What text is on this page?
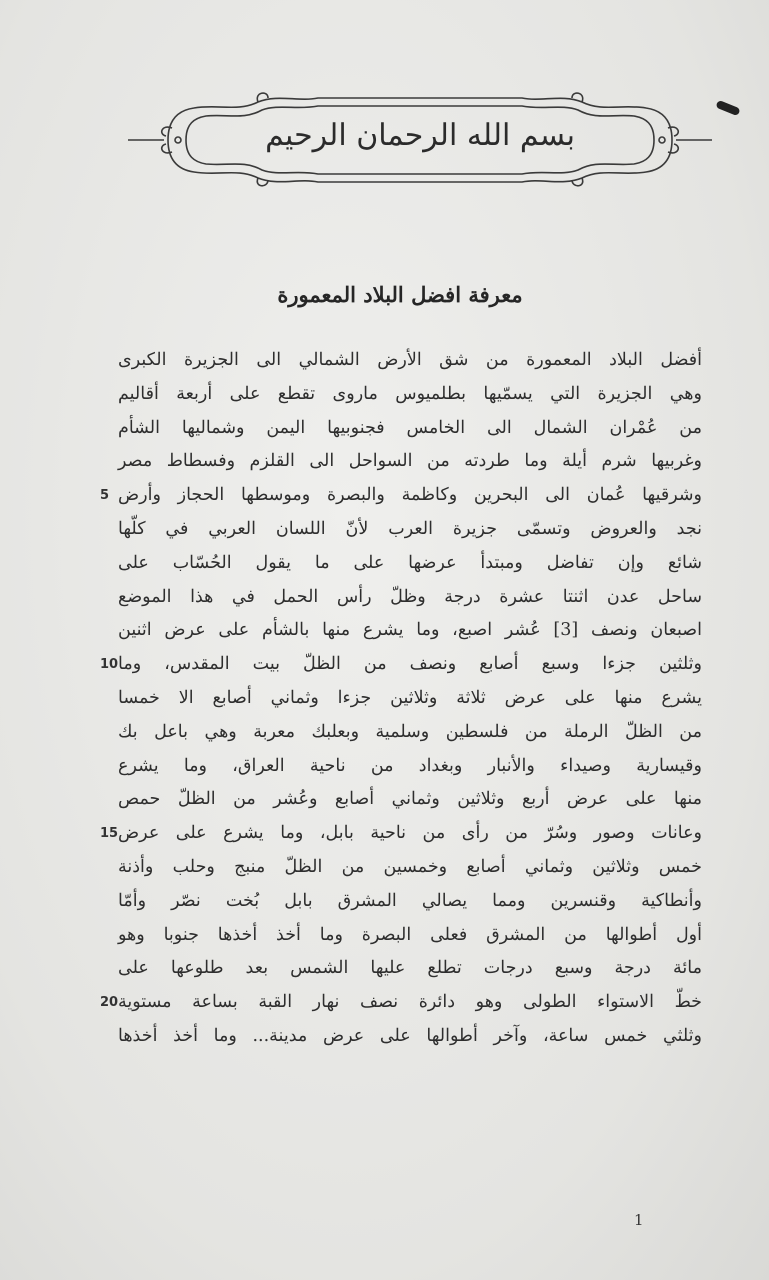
بسم الله الرحمان الرحيم
معرفة افضل البلاد المعمورة
أفضل البلاد المعمورة من شق الأرض الشمالي الى الجزيرة الكبرى
وهي الجزيرة التي يسمّيها بطلميوس ماروى تقطع على أربعة أقاليم
من عُمْران الشمال الى الخامس فجنوبيها اليمن وشماليها الشأم
وغربيها شرم أيلة وما طردته من السواحل الى القلزم وفسطاط مصر
وشرقيها عُمان الى البحرين وكاظمة والبصرة وموسطها الحجاز وأرض
5
نجد والعروض وتسمّى جزيرة العرب لأنّ اللسان العربي في كلّها
شائع وإن تفاضل ومبتدأ عرضها على ما يقول الحُسّاب على
ساحل عدن اثنتا عشرة درجة وظلّ رأس الحمل في هذا الموضع
اصبعان ونصف [3] عُشر اصبع، وما يشرع منها بالشأم على عرض اثنين
وثلثين جزءا وسبع أصابع ونصف من الظلّ بيت المقدس، وما
10
يشرع منها على عرض ثلاثة وثلاثين جزءا وثماني أصابع الا خمسا
من الظلّ الرملة من فلسطين وسلمية وبعلبك معربة وهي باعل بك
وقيسارية وصيداء والأنبار وبغداد من ناحية العراق، وما يشرع
منها على عرض أربع وثلاثين وثماني أصابع وعُشر من الظلّ حمص
وعانات وصور وسُرّ من رأى من ناحية بابل، وما يشرع على عرض
15
خمس وثلاثين وثماني أصابع وخمسين من الظلّ منبج وحلب وأذنة
وأنطاكية وقنسرين ومما يصالي المشرق بابل بُخت نصّر وأمّا
أول أطوالها من المشرق فعلى البصرة وما أخذ أخذها جنوبا وهو
مائة درجة وسبع درجات تطلع عليها الشمس بعد طلوعها على
خطّ الاستواء الطولى وهو دائرة نصف نهار القبة بساعة مستوية
20
وثلثي خمس ساعة، وآخر أطوالها على عرض مدينة... وما أخذ أخذها
1
